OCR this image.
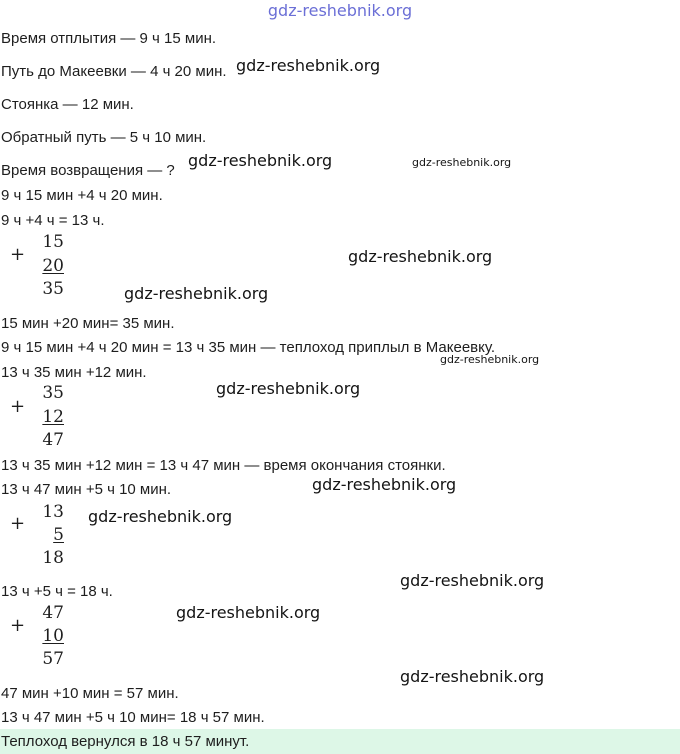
gdz-reshebnik.org
Время отплытия — 9 ч 15 мин.
Путь до Макеевки — 4 ч 20 мин.
Стоянка — 12 мин.
Обратный путь — 5 ч 10 мин.
Время возвращения — ?
9 ч 15 мин +4 ч 20 мин.
9 ч +4 ч = 13 ч.
+
15
20
35
15 мин +20 мин= 35 мин.
9 ч 15 мин +4 ч 20 мин = 13 ч 35 мин — теплоход приплыл в Макеевку.
13 ч 35 мин +12 мин.
+
35
12
47
13 ч 35 мин +12 мин = 13 ч 47 мин — время окончания стоянки.
13 ч 47 мин +5 ч 10 мин.
+
13
5
18
13 ч +5 ч = 18 ч.
+
47
10
57
47 мин +10 мин = 57 мин.
13 ч 47 мин +5 ч 10 мин= 18 ч 57 мин.
Теплоход вернулся в 18 ч 57 минут.
gdz-reshebnik.org
gdz-reshebnik.org	gdz-reshebnik.org
gdz-reshebnik.org
gdz-reshebnik.org
gdz-reshebnik.org
gdz-reshebnik.org
gdz-reshebnik.org
gdz-reshebnik.org
gdz-reshebnik.org
gdz-reshebnik.org
gdz-reshebnik.org
